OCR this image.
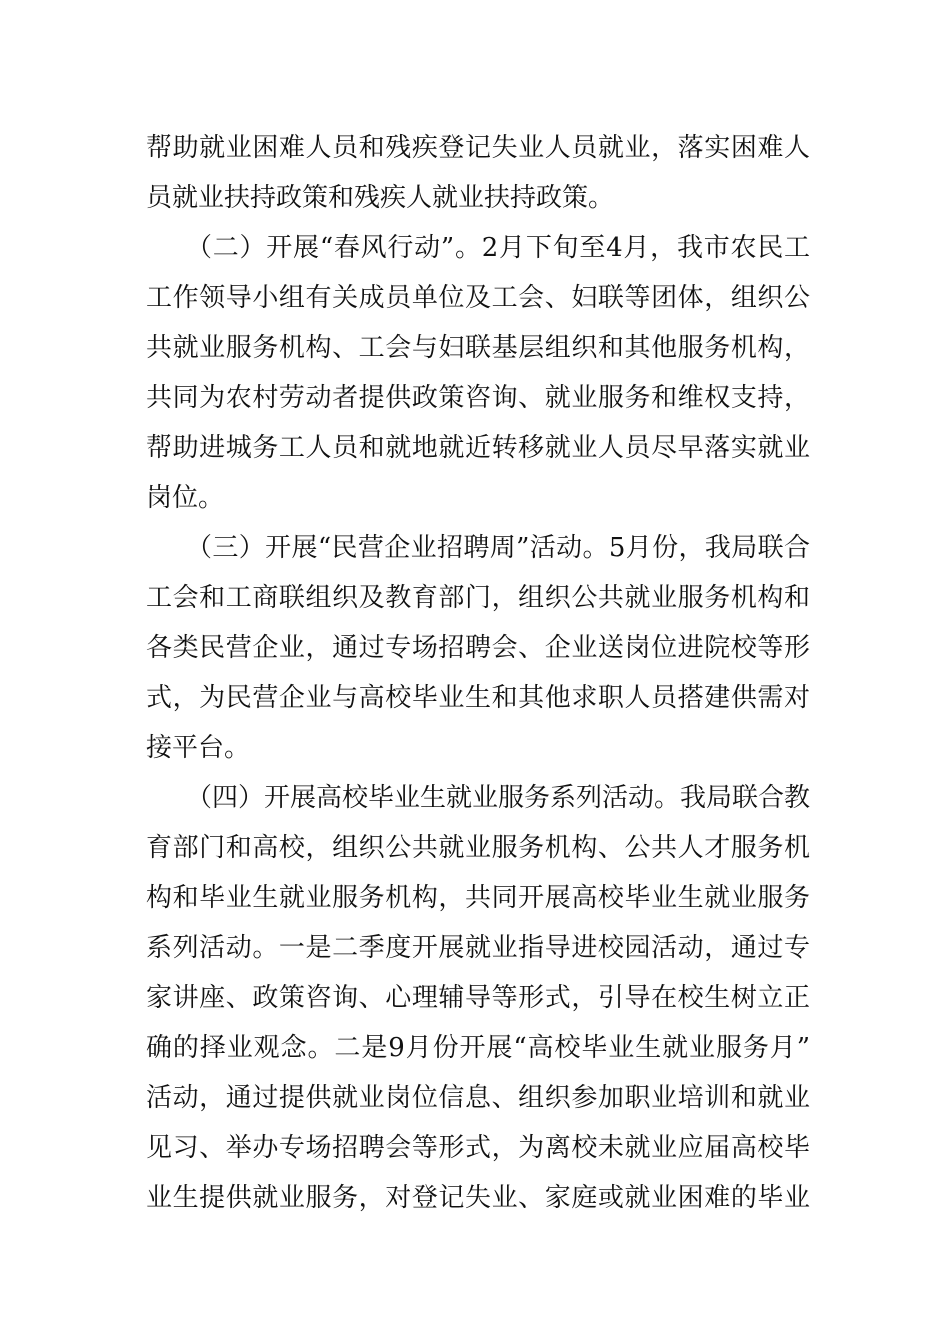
帮助就业困难人员和残疾登记失业人员就业，落实困难人
员就业扶持政策和残疾人就业扶持政策。
（二）开展“春风行动”。2月下旬至4月，我市农民工
工作领导小组有关成员单位及工会、妇联等团体，组织公
共就业服务机构、工会与妇联基层组织和其他服务机构，
共同为农村劳动者提供政策咨询、就业服务和维权支持，
帮助进城务工人员和就地就近转移就业人员尽早落实就业
岗位。
（三）开展“民营企业招聘周”活动。5月份，我局联合
工会和工商联组织及教育部门，组织公共就业服务机构和
各类民营企业，通过专场招聘会、企业送岗位进院校等形
式，为民营企业与高校毕业生和其他求职人员搭建供需对
接平台。
（四）开展高校毕业生就业服务系列活动。我局联合教
育部门和高校，组织公共就业服务机构、公共人才服务机
构和毕业生就业服务机构，共同开展高校毕业生就业服务
系列活动。一是二季度开展就业指导进校园活动，通过专
家讲座、政策咨询、心理辅导等形式，引导在校生树立正
确的择业观念。二是9月份开展“高校毕业生就业服务月”
活动，通过提供就业岗位信息、组织参加职业培训和就业
见习、举办专场招聘会等形式，为离校未就业应届高校毕
业生提供就业服务，对登记失业、家庭或就业困难的毕业
